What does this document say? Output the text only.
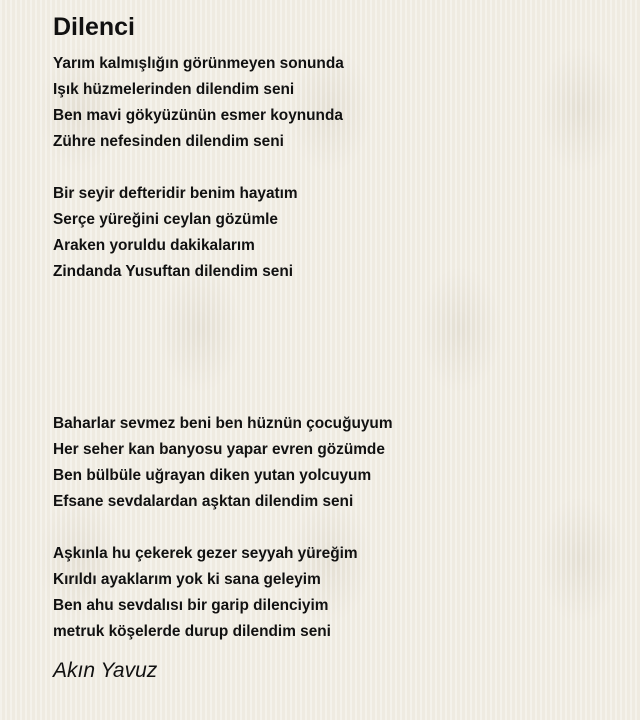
Dilenci
Yarım kalmışlığın görünmeyen sonunda
Işık hüzmelerinden dilendim seni
Ben mavi gökyüzünün esmer koynunda
Zühre nefesinden dilendim seni
Bir seyir defteridir benim hayatım
Serçe yüreğini ceylan gözümle
Araken yoruldu dakikalarım
Zindanda Yusuftan dilendim seni
Baharlar sevmez beni ben hüznün çocuğuyum
Her seher kan banyosu yapar evren gözümde
Ben bülbüle uğrayan diken yutan yolcuyum
Efsane sevdalardan aşktan dilendim seni
Aşkınla hu çekerek gezer seyyah yüreğim
Kırıldı ayaklarım yok ki sana geleyim
Ben ahu sevdalısı bir garip dilenciyim
metruk köşelerde durup dilendim seni

Akın Yavuz
